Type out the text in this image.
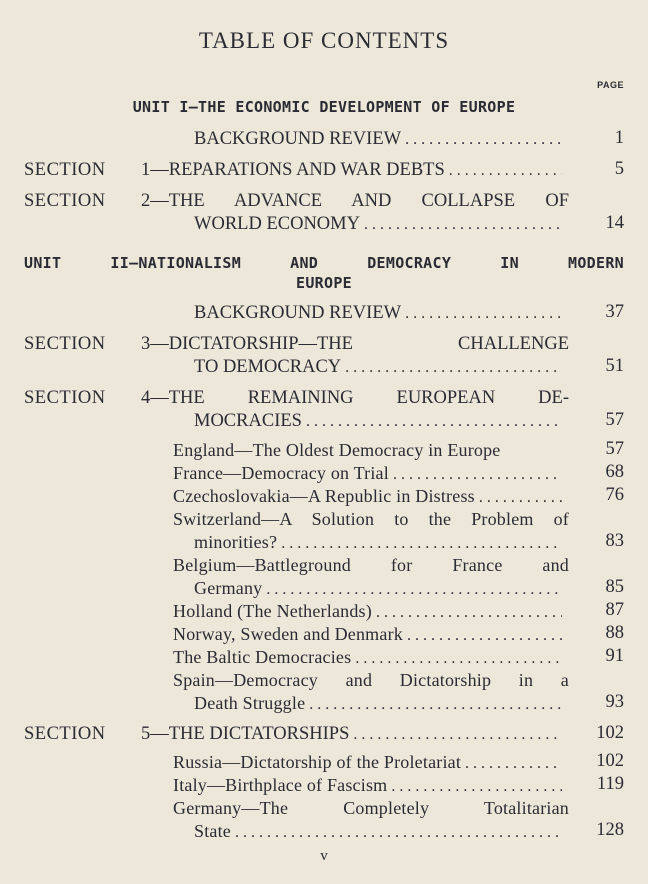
TABLE OF CONTENTS
PAGE
UNIT I—THE ECONOMIC DEVELOPMENT OF EUROPE
BACKGROUND REVIEW . . .	1
SECTION 1—REPARATIONS AND WAR DEBTS . . .	5
SECTION 2—THE ADVANCE AND COLLAPSE OF
WORLD ECONOMY . . .	14
UNIT II—NATIONALISM AND DEMOCRACY IN MODERN
EUROPE
BACKGROUND REVIEW . . .	37
SECTION 3—DICTATORSHIP—THE CHALLENGE
TO DEMOCRACY . . .	51
SECTION 4—THE REMAINING EUROPEAN DE-
MOCRACIES . . .	57
England—The Oldest Democracy in Europe	57
France—Democracy on Trial . . .	68
Czechoslovakia—A Republic in Distress . . .	76
Switzerland—A Solution to the Problem of
minorities? . . .	83
Belgium—Battleground for France and
Germany . . .	85
Holland (The Netherlands) . . .	87
Norway, Sweden and Denmark . . .	88
The Baltic Democracies . . .	91
Spain—Democracy and Dictatorship in a
Death Struggle . . .	93
SECTION 5—THE DICTATORSHIPS . . .	102
Russia—Dictatorship of the Proletariat . . .	102
Italy—Birthplace of Fascism . . .	119
Germany—The Completely Totalitarian
State . . .	128
v
